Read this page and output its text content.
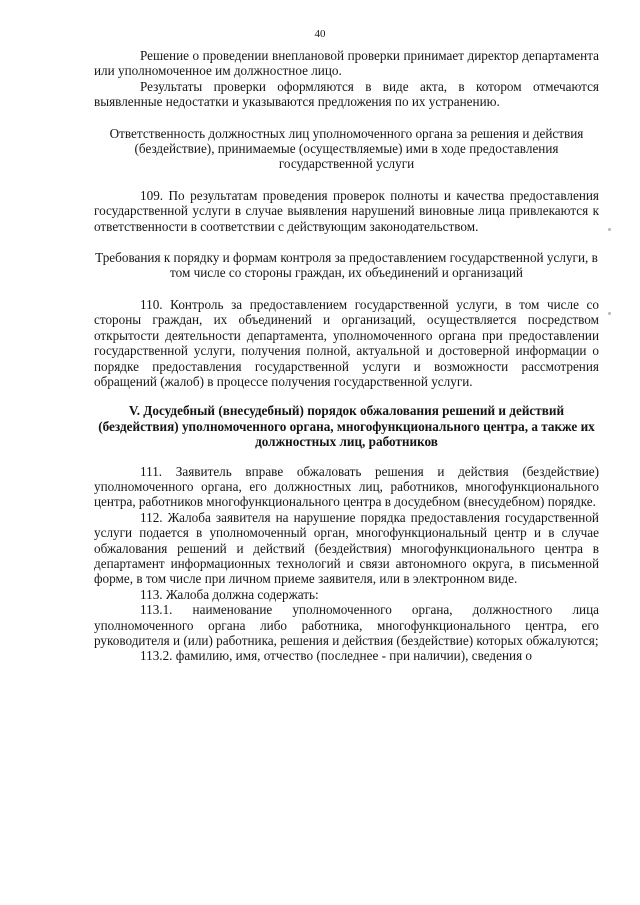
40

Решение о проведении внеплановой проверки принимает директор департамента или уполномоченное им должностное лицо.

Результаты проверки оформляются в виде акта, в котором отмечаются выявленные недостатки и указываются предложения по их устранению.

Ответственность должностных лиц уполномоченного органа за решения и действия (бездействие), принимаемые (осуществляемые) ими в ходе предоставления государственной услуги

109. По результатам проведения проверок полноты и качества предоставления государственной услуги в случае выявления нарушений виновные лица привлекаются к ответственности в соответствии с действующим законодательством.

Требования к порядку и формам контроля за предоставлением государственной услуги, в том числе со стороны граждан, их объединений и организаций

110. Контроль за предоставлением государственной услуги, в том числе со стороны граждан, их объединений и организаций, осуществляется посредством открытости деятельности департамента, уполномоченного органа при предоставлении государственной услуги, получения полной, актуальной и достоверной информации о порядке предоставления государственной услуги и возможности рассмотрения обращений (жалоб) в процессе получения государственной услуги.

V. Досудебный (внесудебный) порядок обжалования решений и действий (бездействия) уполномоченного органа, многофункционального центра, а также их должностных лиц, работников

111. Заявитель вправе обжаловать решения и действия (бездействие) уполномоченного органа, его должностных лиц, работников, многофункционального центра, работников многофункционального центра в досудебном (внесудебном) порядке.

112. Жалоба заявителя на нарушение порядка предоставления государственной услуги подается в уполномоченный орган, многофункциональный центр и в случае обжалования решений и действий (бездействия) многофункционального центра в департамент информационных технологий и связи автономного округа, в письменной форме, в том числе при личном приеме заявителя, или в электронном виде.

113. Жалоба должна содержать:

113.1. наименование уполномоченного органа, должностного лица уполномоченного органа либо работника, многофункционального центра, его руководителя и (или) работника, решения и действия (бездействие) которых обжалуются;

113.2. фамилию, имя, отчество (последнее - при наличии), сведения о
